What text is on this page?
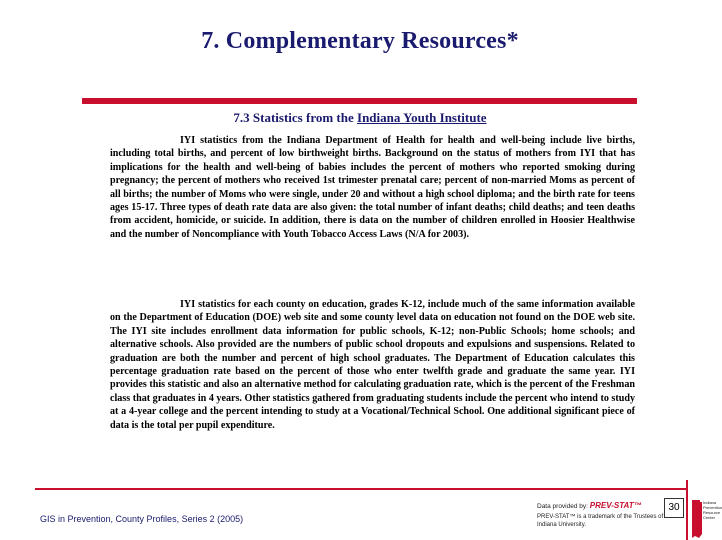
7. Complementary Resources*
7.3 Statistics from the Indiana Youth Institute

IYI statistics from the Indiana Department of Health for health and well-being include live births, including total births, and percent of low birthweight births. Background on the status of mothers from IYI that has implications for the health and well-being of babies includes the percent of mothers who reported smoking during pregnancy; the percent of mothers who received 1st trimester prenatal care; percent of non-married Moms as percent of all births; the number of Moms who were single, under 20 and without a high school diploma; and the birth rate for teens ages 15-17. Three types of death rate data are also given: the total number of infant deaths; child deaths; and teen deaths from accident, homicide, or suicide. In addition, there is data on the number of children enrolled in Hoosier Healthwise and the number of Noncompliance with Youth Tobacco Access Laws (N/A for 2003).

IYI statistics for each county on education, grades K-12, include much of the same information available on the Department of Education (DOE) web site and some county level data on education not found on the DOE web site. The IYI site includes enrollment data information for public schools, K-12; non-Public Schools; home schools; and alternative schools. Also provided are the numbers of public school dropouts and expulsions and suspensions. Related to graduation are both the number and percent of high school graduates. The Department of Education calculates this percentage graduation rate based on the percent of those who enter twelfth grade and graduate the same year. IYI provides this statistic and also an alternative method for calculating graduation rate, which is the percent of the Freshman class that graduates in 4 years. Other statistics gathered from graduating students include the percent who intend to study at a 4-year college and the percent intending to study at a Vocational/Technical School. One additional significant piece of data is the total per pupil expenditure.

GIS in Prevention, County Profiles, Series 2 (2005)
Data provided by: PREV-STAT™
PREV-STAT™ is a trademark of the Trustees of Indiana University.
30	Indiana Prevention Resource Center
